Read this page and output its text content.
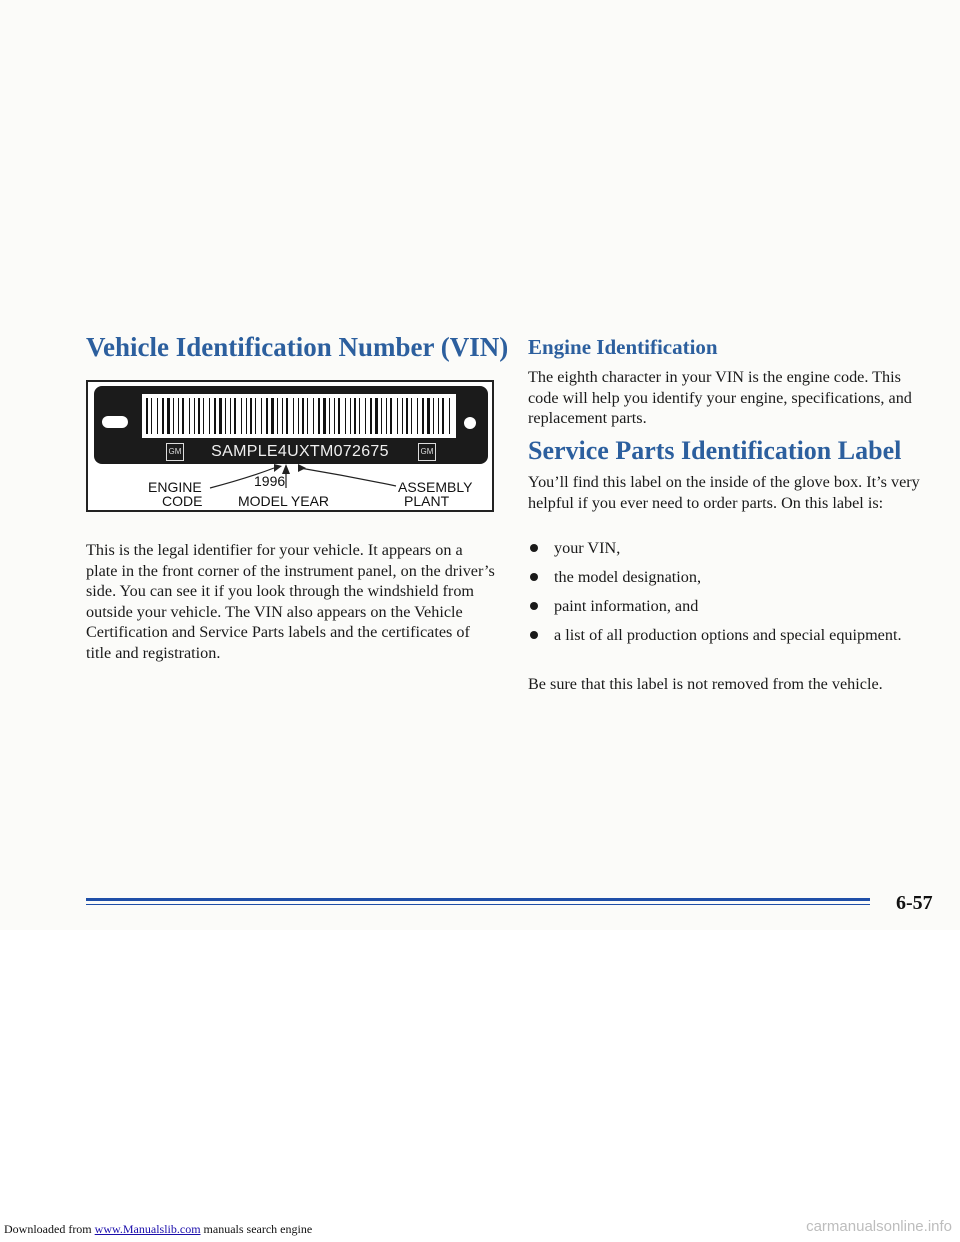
Vehicle Identification Number (VIN)
GM	SAMPLE4UXTM072675	GM
ENGINE
CODE
1996
MODEL YEAR
ASSEMBLY
PLANT

This is the legal identifier for your vehicle. It appears on a plate in the front corner of the instrument panel, on the driver’s side. You can see it if you look through the windshield from outside your vehicle. The VIN also appears on the Vehicle Certification and Service Parts labels and the certificates of title and registration.

Engine Identification

The eighth character in your VIN is the engine code. This code will help you identify your engine, specifications, and replacement parts.

Service Parts Identification Label

You’ll find this label on the inside of the glove box. It’s very helpful if you ever need to order parts. On this label is:

your VIN,
the model designation,
paint information, and
a list of all production options and special equipment.

Be sure that this label is not removed from the vehicle.

6-57
Downloaded from www.Manualslib.com manuals search engine	carmanualsonline.info
